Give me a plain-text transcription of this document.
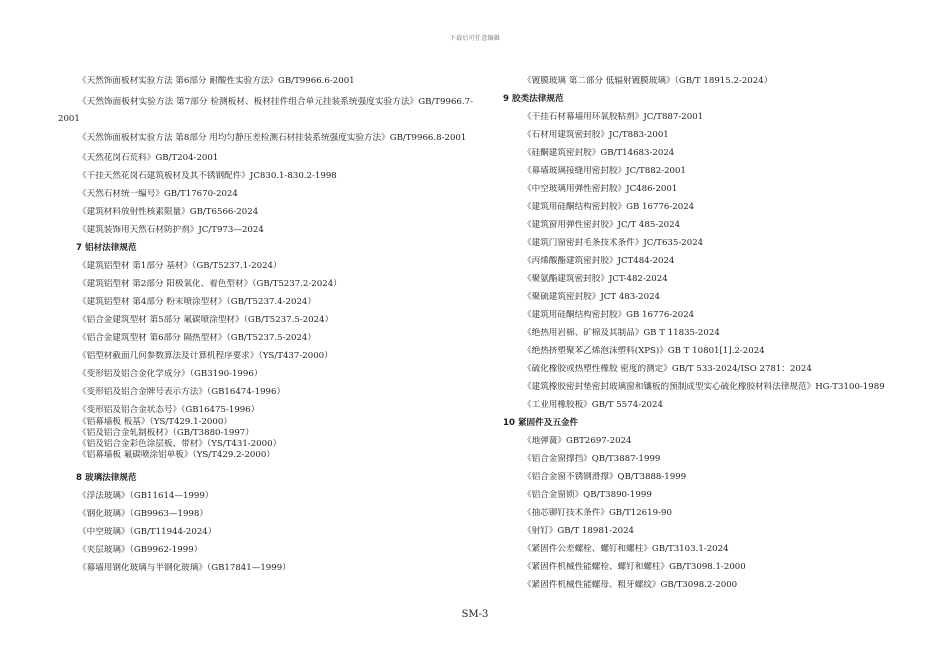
下载后可任意编辑
《天然饰面板材实验方法 第6部分 耐酸性实验方法》GB/T9966.6-2001
《天然饰面板材实验方法 第7部分 检测板材、板材挂件组合单元挂装系统强度实验方法》GB/T9966.7-2001
《天然饰面板材实验方法 第8部分 用均匀静压差检测石材挂装系统强度实验方法》GB/T9966.8-2001
《天然花岗石荒料》GB/T204-2001
《干挂天然花岗石建筑板材及其不锈钢配件》JC830.1-830.2-1998
《天然石材统一编号》GB/T17670-2024
《建筑材料放射性核素限量》GB/T6566-2024
《建筑装饰用天然石材防护剂》JC/T973—2024
7 铝材法律规范
《建筑铝型材 第1部分 基材》（GB/T5237.1-2024）
《建筑铝型材 第2部分 阳极氧化、着色型材》（GB/T5237.2-2024）
《建筑铝型材 第4部分 粉末喷涂型材》（GB/T5237.4-2024）
《铝合金建筑型材 第5部分 氟碳喷涂型材》（GB/T5237.5-2024）
《铝合金建筑型材 第6部分 隔热型材》（GB/T5237.5-2024）
《铝型材截面几何参数算法及计算机程序要求》（YS/T437-2000）
《变形铝及铝合金化学成分》（GB3190-1996）
《变形铝及铝合金牌号表示方法》（GB16474-1996）
《变形铝及铝合金状态号》（GB16475-1996）
《铝幕墙板 板基》（YS/T429.1-2000）
《铝及铝合金轧制板材》（GB/T3880-1997）
《铝及铝合金彩色涂层板、带材》（YS/T431-2000）
《铝幕墙板 氟碳喷涂铝单板》（YS/T429.2-2000）
8 玻璃法律规范
《浮法玻璃》（GB11614—1999）
《钢化玻璃》（GB9963—1998）
《中空玻璃》（GB/T11944-2024）
《夹层玻璃》（GB9962-1999）
《幕墙用钢化玻璃与半钢化玻璃》（GB17841—1999）
《镀膜玻璃 第二部分 低辐射镀膜玻璃》（GB/T 18915.2-2024）
9 胶类法律规范
《干挂石材幕墙用环氧胶粘剂》JC/T887-2001
《石材用建筑密封胶》JC/T883-2001
《硅酮建筑密封胶》GB/T14683-2024
《幕墙玻璃接缝用密封胶》JC/T882-2001
《中空玻璃用弹性密封胶》JC486-2001
《建筑用硅酮结构密封胶》GB 16776-2024
《建筑窗用弹性密封胶》JC/T 485-2024
《建筑门窗密封毛条技术条件》JC/T635-2024
《丙烯酸酯建筑密封胶》JCT484-2024
《聚氨酯建筑密封胶》JCT-482-2024
《聚硫建筑密封胶》JCT 483-2024
《建筑用硅酮结构密封胶》GB 16776-2024
《绝热用岩棉、矿棉及其制品》GB T 11835-2024
《绝热挤塑聚苯乙烯泡沫塑料(XPS)》GB T 10801[1].2-2024
《硫化橡胶或热塑性橡胶 密度的测定》GB/T 533-2024/ISO 2781：2024
《建筑橡胶密封垫密封玻璃窗和镶板的预制成型实心硫化橡胶材料法律规范》HG-T3100-1989
《工业用橡胶板》GB/T 5574-2024
10 紧固件及五金件
《地弹簧》GBT2697-2024
《铝合金窗撑挡》QB/T3887-1999
《铝合金窗不锈钢滑撑》QB/T3888-1999
《铝合金窗锁》QB/T3890-1999
《抽芯铆钉技术条件》GB/T12619-90
《射钉》GB/T 18981-2024
《紧固件公差螺栓、螺钉和螺柱》GB/T3103.1-2024
《紧固件机械性能螺栓、螺钉和螺柱》GB/T3098.1-2000
《紧固件机械性能螺母、粗牙螺纹》GB/T3098.2-2000
SM-3
